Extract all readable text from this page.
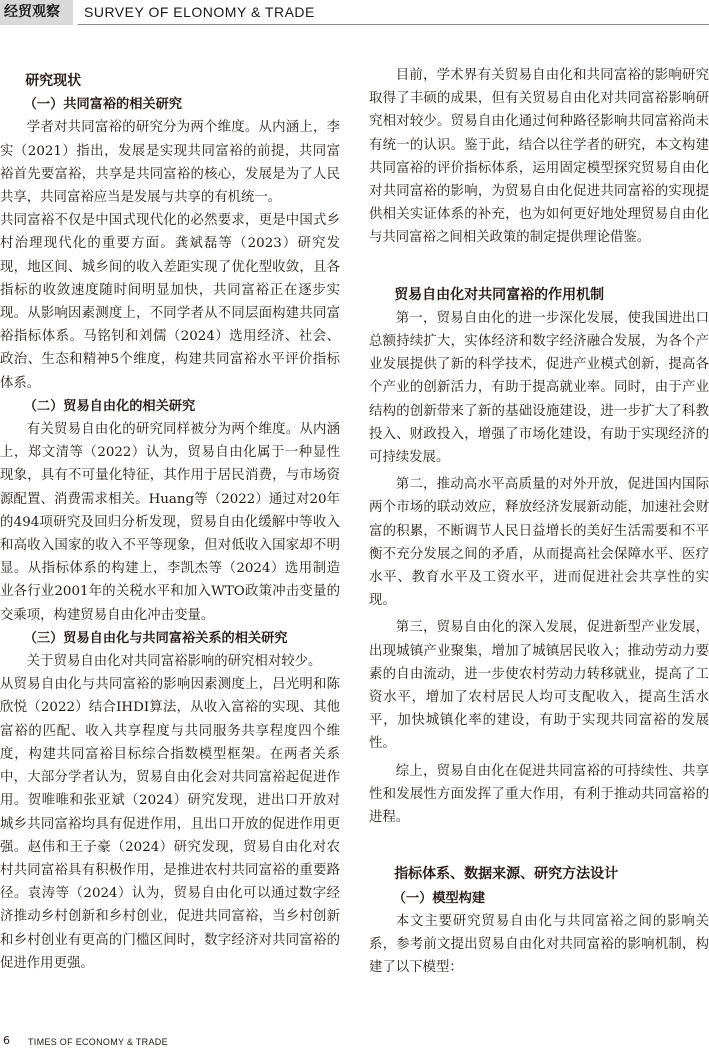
经贸观察	SURVEY OF ELONOMY & TRADE

研究现状

（一）共同富裕的相关研究

学者对共同富裕的研究分为两个维度。从内涵上，李实（2021）指出，发展是实现共同富裕的前提，共同富裕首先要富裕，共享是共同富裕的核心，发展是为了人民共享，共同富裕应当是发展与共享的有机统一。

共同富裕不仅是中国式现代化的必然要求，更是中国式乡村治理现代化的重要方面。龚斌磊等（2023）研究发现，地区间、城乡间的收入差距实现了优化型收敛，且各指标的收敛速度随时间明显加快，共同富裕正在逐步实现。从影响因素测度上，不同学者从不同层面构建共同富裕指标体系。马铭钊和刘儒（2024）选用经济、社会、政治、生态和精神5个维度，构建共同富裕水平评价指标体系。

（二）贸易自由化的相关研究

有关贸易自由化的研究同样被分为两个维度。从内涵上，郑文清等（2022）认为，贸易自由化属于一种显性现象，具有不可量化特征，其作用于居民消费，与市场资源配置、消费需求相关。Huang等（2022）通过对20年的494项研究及回归分析发现，贸易自由化缓解中等收入和高收入国家的收入不平等现象，但对低收入国家却不明显。从指标体系的构建上，李凯杰等（2024）选用制造业各行业2001年的关税水平和加入WTO政策冲击变量的交乘项，构建贸易自由化冲击变量。

（三）贸易自由化与共同富裕关系的相关研究

关于贸易自由化对共同富裕影响的研究相对较少。

从贸易自由化与共同富裕的影响因素测度上，吕光明和陈欣悦（2022）结合IHDI算法，从收入富裕的实现、其他富裕的匹配、收入共享程度与共同服务共享程度四个维度，构建共同富裕目标综合指数模型框架。在两者关系中，大部分学者认为，贸易自由化会对共同富裕起促进作用。贺唯唯和张亚斌（2024）研究发现，进出口开放对城乡共同富裕均具有促进作用，且出口开放的促进作用更强。赵伟和王子豪（2024）研究发现，贸易自由化对农村共同富裕具有积极作用，是推进农村共同富裕的重要路径。袁涛等（2024）认为，贸易自由化可以通过数字经济推动乡村创新和乡村创业，促进共同富裕，当乡村创新和乡村创业有更高的门槛区间时，数字经济对共同富裕的促进作用更强。

目前，学术界有关贸易自由化和共同富裕的影响研究取得了丰硕的成果，但有关贸易自由化对共同富裕影响研究相对较少。贸易自由化通过何种路径影响共同富裕尚未有统一的认识。鉴于此，结合以往学者的研究，本文构建共同富裕的评价指标体系，运用固定模型探究贸易自由化对共同富裕的影响，为贸易自由化促进共同富裕的实现提供相关实证体系的补充，也为如何更好地处理贸易自由化与共同富裕之间相关政策的制定提供理论借鉴。

贸易自由化对共同富裕的作用机制

第一，贸易自由化的进一步深化发展，使我国进出口总额持续扩大，实体经济和数字经济融合发展，为各个产业发展提供了新的科学技术，促进产业模式创新，提高各个产业的创新活力，有助于提高就业率。同时，由于产业结构的创新带来了新的基础设施建设，进一步扩大了科教投入、财政投入，增强了市场化建设，有助于实现经济的可持续发展。

第二，推动高水平高质量的对外开放，促进国内国际两个市场的联动效应，释放经济发展新动能，加速社会财富的积累，不断调节人民日益增长的美好生活需要和不平衡不充分发展之间的矛盾，从而提高社会保障水平、医疗水平、教育水平及工资水平，进而促进社会共享性的实现。

第三，贸易自由化的深入发展，促进新型产业发展，出现城镇产业聚集，增加了城镇居民收入；推动劳动力要素的自由流动，进一步使农村劳动力转移就业，提高了工资水平，增加了农村居民人均可支配收入，提高生活水平，加快城镇化率的建设，有助于实现共同富裕的发展性。

综上，贸易自由化在促进共同富裕的可持续性、共享性和发展性方面发挥了重大作用，有利于推动共同富裕的进程。

指标体系、数据来源、研究方法设计

（一）模型构建

本文主要研究贸易自由化与共同富裕之间的影响关系，参考前文提出贸易自由化对共同富裕的影响机制，构建了以下模型：

6 TIMES OF ECONOMY & TRADE
